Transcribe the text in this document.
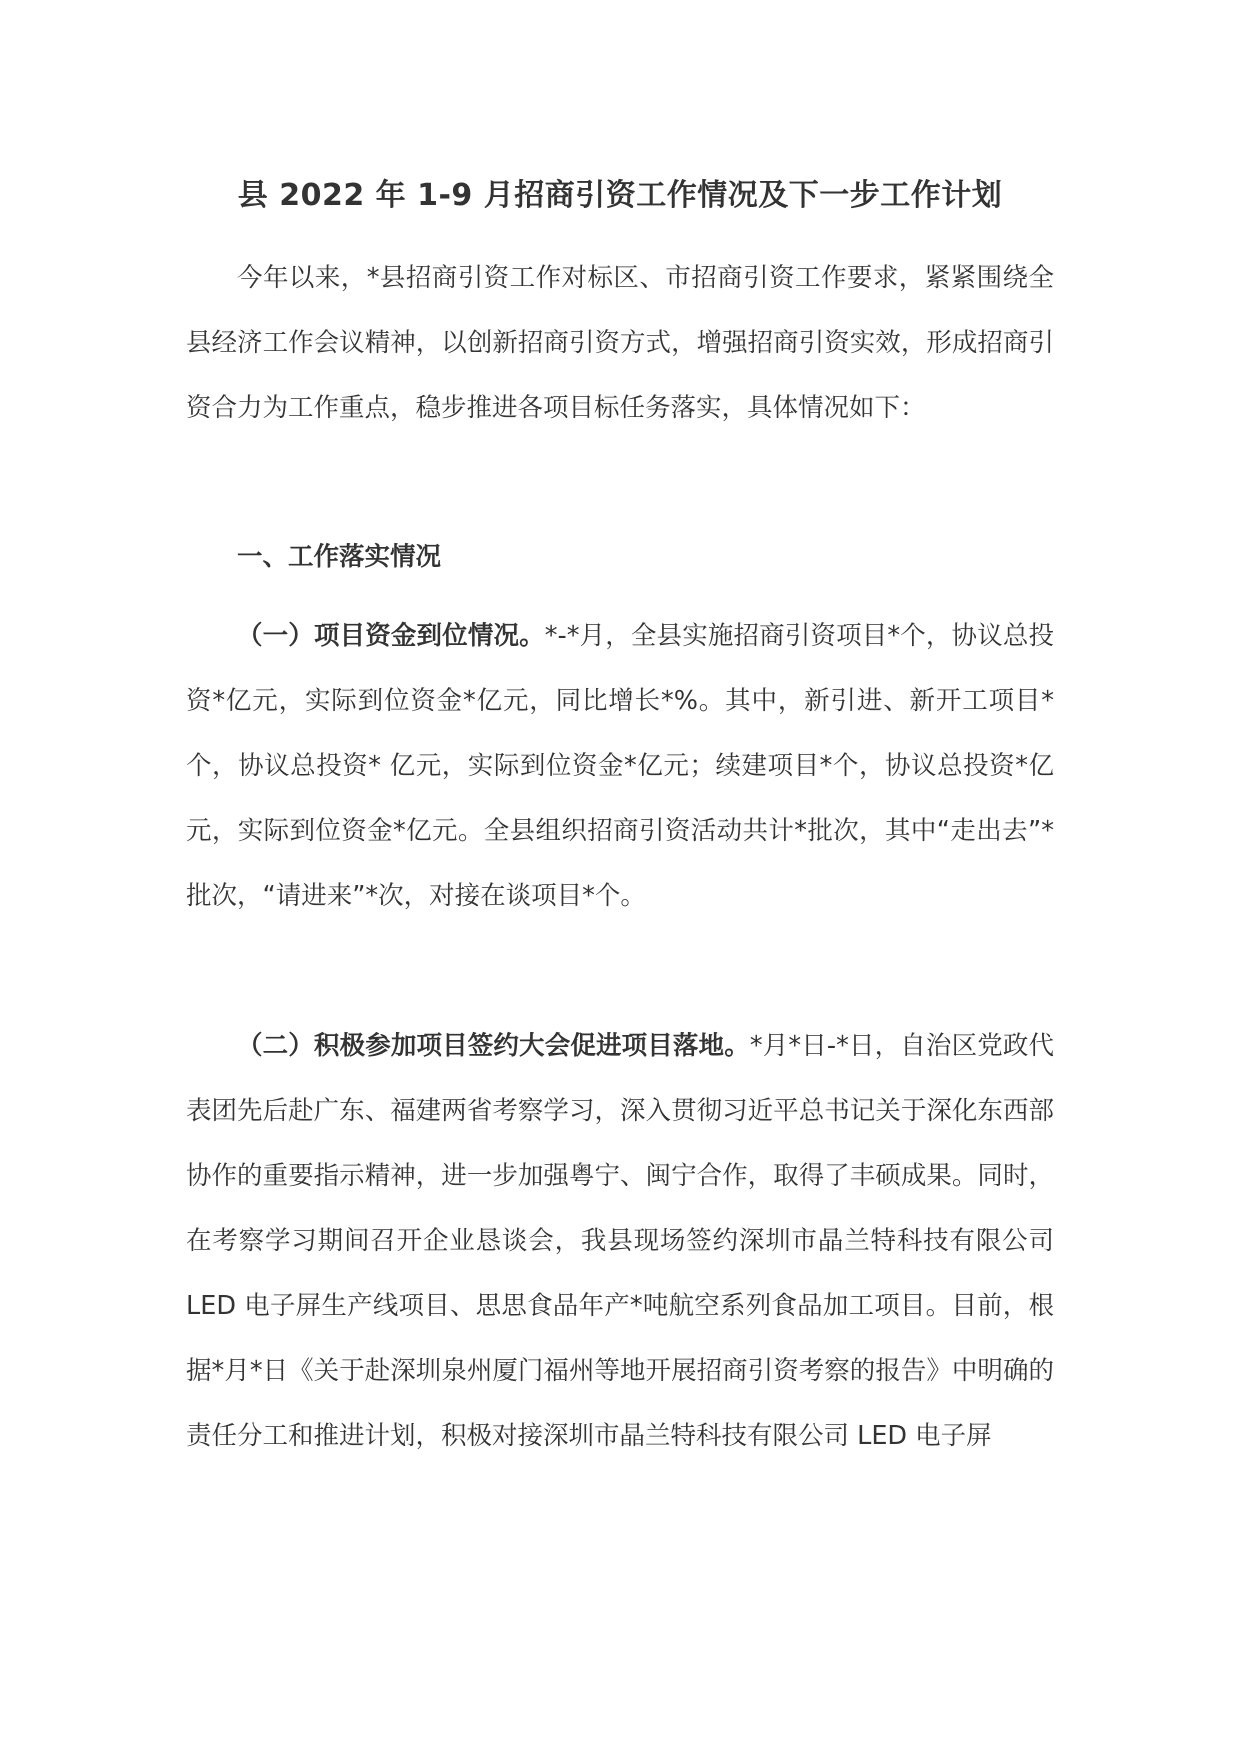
县 2022 年 1-9 月招商引资工作情况及下一步工作计划

今年以来，*县招商引资工作对标区、市招商引资工作要求，紧紧围绕全县经济工作会议精神，以创新招商引资方式，增强招商引资实效，形成招商引资合力为工作重点，稳步推进各项目标任务落实，具体情况如下：

一、工作落实情况

（一）项目资金到位情况。*-*月，全县实施招商引资项目*个，协议总投资*亿元，实际到位资金*亿元，同比增长*%。其中，新引进、新开工项目*个，协议总投资* 亿元，实际到位资金*亿元；续建项目*个，协议总投资*亿元，实际到位资金*亿元。全县组织招商引资活动共计*批次，其中“走出去”*批次，“请进来”*次，对接在谈项目*个。

（二）积极参加项目签约大会促进项目落地。*月*日-*日，自治区党政代表团先后赴广东、福建两省考察学习，深入贯彻习近平总书记关于深化东西部协作的重要指示精神，进一步加强粤宁、闽宁合作，取得了丰硕成果。同时，在考察学习期间召开企业恳谈会，我县现场签约深圳市晶兰特科技有限公司 LED 电子屏生产线项目、思思食品年产*吨航空系列食品加工项目。目前，根据*月*日《关于赴深圳泉州厦门福州等地开展招商引资考察的报告》中明确的责任分工和推进计划，积极对接深圳市晶兰特科技有限公司 LED 电子屏
